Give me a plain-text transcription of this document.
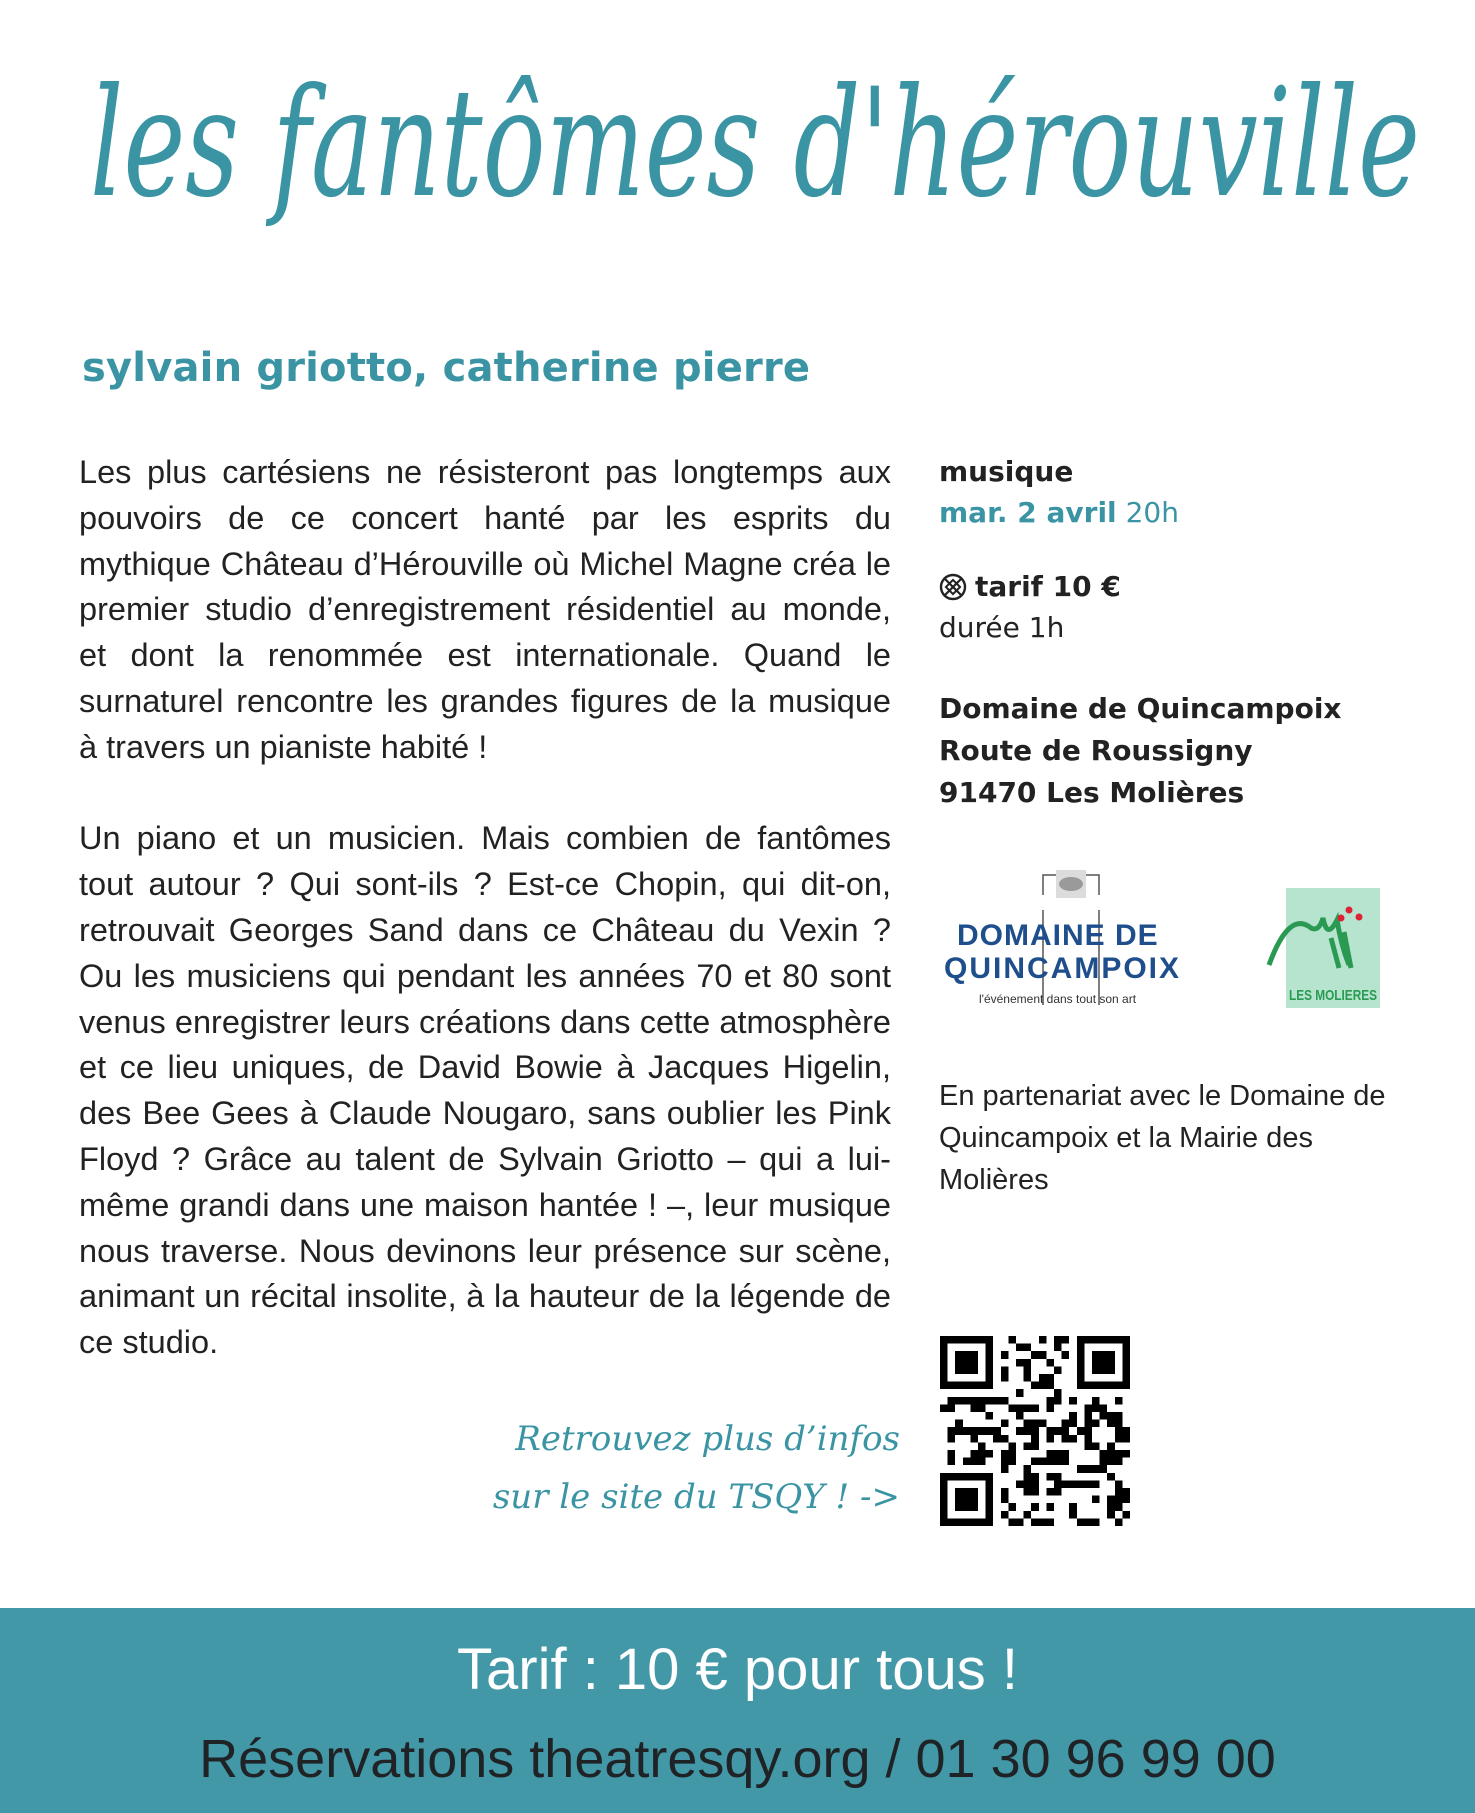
les fantômes d'hérouville
sylvain griotto, catherine pierre

Les plus cartésiens ne résisteront pas longtemps aux pouvoirs de ce concert hanté par les esprits du mythique Château d’Hérouville où Michel Magne créa le premier studio d’enregistrement résidentiel au monde, et dont la renommée est internationale. Quand le surnaturel rencontre les grandes figures de la musique à travers un pianiste habité !

Un piano et un musicien. Mais combien de fantômes tout autour ? Qui sont-ils ? Est-ce Chopin, qui dit-on, retrouvait Georges Sand dans ce Château du Vexin ? Ou les musiciens qui pendant les années 70 et 80 sont venus enregistrer leurs créations dans cette atmosphère et ce lieu uniques, de David Bowie à Jacques Higelin, des Bee Gees à Claude Nougaro, sans oublier les Pink Floyd ? Grâce au talent de Sylvain Griotto – qui a lui-même grandi dans une maison hantée ! –, leur musique nous traverse. Nous devinons leur présence sur scène, animant un récital insolite, à la hauteur de la légende de ce studio.

musique
mar. 2 avril 20h
tarif 10 €
durée 1h
Domaine de Quincampoix
Route de Roussigny
91470 Les Molières
DOMAINE DE
QUINCAMPOIX
l'événement dans tout son art	LES MOLIERES
En partenariat avec le Domaine de Quincampoix et la Mairie des Molières
Retrouvez plus d’infos
sur le site du TSQY ! ->
Tarif : 10 € pour tous !
Réservations theatresqy.org / 01 30 96 99 00
